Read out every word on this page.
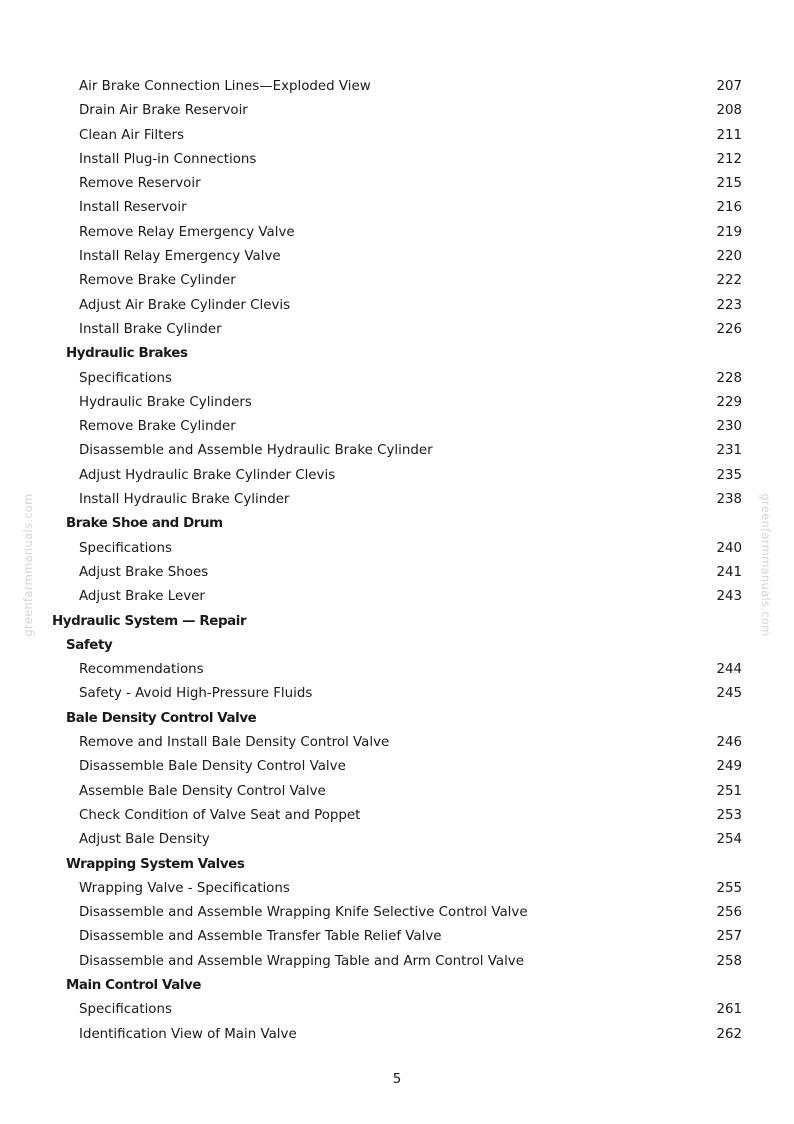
Air Brake Connection Lines—Exploded View	207
Drain Air Brake Reservoir	208
Clean Air Filters	211
Install Plug-in Connections	212
Remove Reservoir	215
Install Reservoir	216
Remove Relay Emergency Valve	219
Install Relay Emergency Valve	220
Remove Brake Cylinder	222
Adjust Air Brake Cylinder Clevis	223
Install Brake Cylinder	226
Hydraulic Brakes
Specifications	228
Hydraulic Brake Cylinders	229
Remove Brake Cylinder	230
Disassemble and Assemble Hydraulic Brake Cylinder	231
Adjust Hydraulic Brake Cylinder Clevis	235
Install Hydraulic Brake Cylinder	238
Brake Shoe and Drum
Specifications	240
Adjust Brake Shoes	241
Adjust Brake Lever	243
Hydraulic System — Repair
Safety
Recommendations	244
Safety - Avoid High-Pressure Fluids	245
Bale Density Control Valve
Remove and Install Bale Density Control Valve	246
Disassemble Bale Density Control Valve	249
Assemble Bale Density Control Valve	251
Check Condition of Valve Seat and Poppet	253
Adjust Bale Density	254
Wrapping System Valves
Wrapping Valve - Specifications	255
Disassemble and Assemble Wrapping Knife Selective Control Valve	256
Disassemble and Assemble Transfer Table Relief Valve	257
Disassemble and Assemble Wrapping Table and Arm Control Valve	258
Main Control Valve
Specifications	261
Identification View of Main Valve	262
greenfarmmanuals.com	greenfarmmanuals.com
5
